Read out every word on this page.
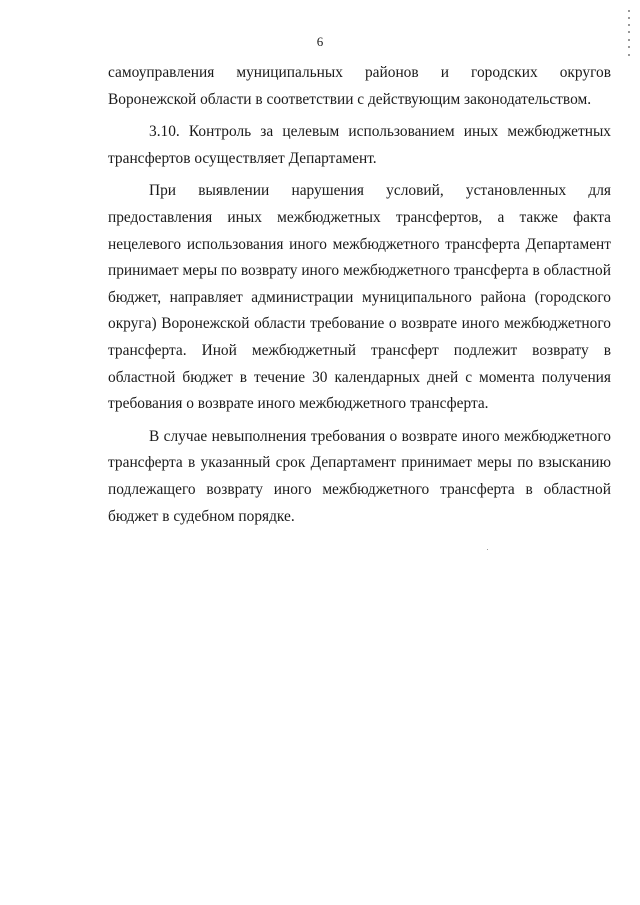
6

самоуправления муниципальных районов и городских округов Воронежской области в соответствии с действующим законодательством.

3.10. Контроль за целевым использованием иных межбюджетных трансфертов осуществляет Департамент.

При выявлении нарушения условий, установленных для предоставления иных межбюджетных трансфертов, а также факта нецелевого использования иного межбюджетного трансферта Департамент принимает меры по возврату иного межбюджетного трансферта в областной бюджет, направляет администрации муниципального района (городского округа) Воронежской области требование о возврате иного межбюджетного трансферта. Иной межбюджетный трансферт подлежит возврату в областной бюджет в течение 30 календарных дней с момента получения требования о возврате иного межбюджетного трансферта.

В случае невыполнения требования о возврате иного межбюджетного трансферта в указанный срок Департамент принимает меры по взысканию подлежащего возврату иного межбюджетного трансферта в областной бюджет в судебном порядке.
